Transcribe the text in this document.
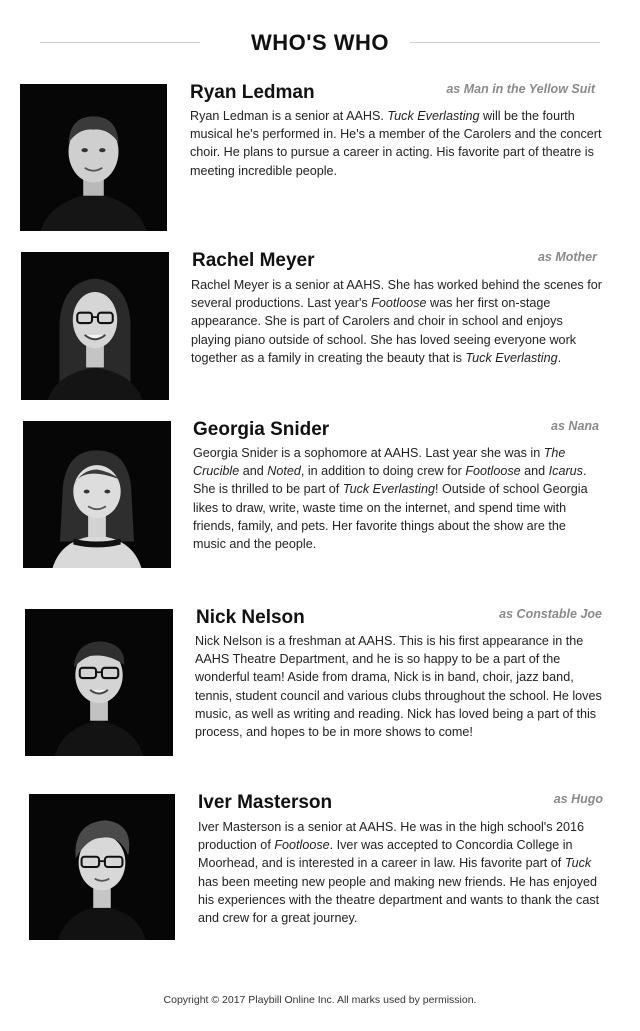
WHO'S WHO
Ryan Ledman	as Man in the Yellow Suit
Ryan Ledman is a senior at AAHS. Tuck Everlasting will be the fourth musical he's performed in. He's a member of the Carolers and the concert choir. He plans to pursue a career in acting. His favorite part of theatre is meeting incredible people.
Rachel Meyer	as Mother
Rachel Meyer is a senior at AAHS. She has worked behind the scenes for several productions. Last year's Footloose was her first on-stage appearance. She is part of Carolers and choir in school and enjoys playing piano outside of school. She has loved seeing everyone work together as a family in creating the beauty that is Tuck Everlasting.
Georgia Snider	as Nana
Georgia Snider is a sophomore at AAHS. Last year she was in The Crucible and Noted, in addition to doing crew for Footloose and Icarus. She is thrilled to be part of Tuck Everlasting! Outside of school Georgia likes to draw, write, waste time on the internet, and spend time with friends, family, and pets. Her favorite things about the show are the music and the people.
Nick Nelson	as Constable Joe
Nick Nelson is a freshman at AAHS. This is his first appearance in the AAHS Theatre Department, and he is so happy to be a part of the wonderful team! Aside from drama, Nick is in band, choir, jazz band, tennis, student council and various clubs throughout the school. He loves music, as well as writing and reading. Nick has loved being a part of this process, and hopes to be in more shows to come!
Iver Masterson	as Hugo
Iver Masterson is a senior at AAHS. He was in the high school's 2016 production of Footloose. Iver was accepted to Concordia College in Moorhead, and is interested in a career in law. His favorite part of Tuck has been meeting new people and making new friends. He has enjoyed his experiences with the theatre department and wants to thank the cast and crew for a great journey.
Copyright © 2017 Playbill Online Inc. All marks used by permission.
